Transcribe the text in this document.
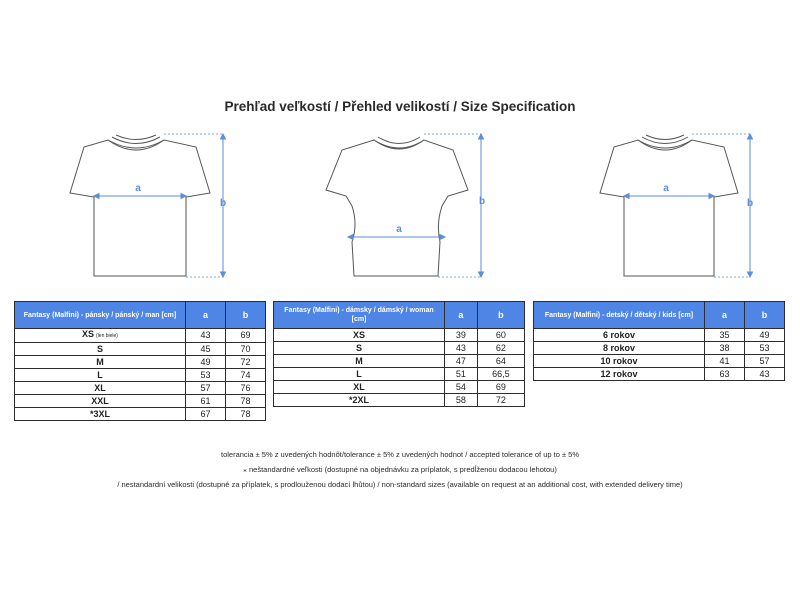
Prehľad veľkostí / Přehled velikostí / Size Specification
a
b
a
b
a
b
Fantasy (Malfini) - pánsky / pánský / man [cm]	a	b
XS (len biele)	43	69
S	45	70
M	49	72
L	53	74
XL	57	76
XXL	61	78
*3XL	67	78
Fantasy (Malfini) - dámsky / dámský / woman [cm]	a	b
XS	39	60
S	43	62
M	47	64
L	51	66,5
XL	54	69
*2XL	58	72
Fantasy (Malfini) - detský / dětský / kids [cm]	a	b
6 rokov	35	49
8 rokov	38	53
10 rokov	41	57
12 rokov	63	43
tolerancia ± 5% z uvedených hodnôt/tolerance ± 5% z uvedených hodnot / accepted tolerance of up to ± 5%
⁎ neštandardné veľkosti (dostupné na objednávku za príplatok, s predĺženou dodacou lehotou)
/ nestandardní velikosti (dostupné za příplatek, s prodlouženou dodací lhůtou) / non-standard sizes (available on request at an additional cost, with extended delivery time)
